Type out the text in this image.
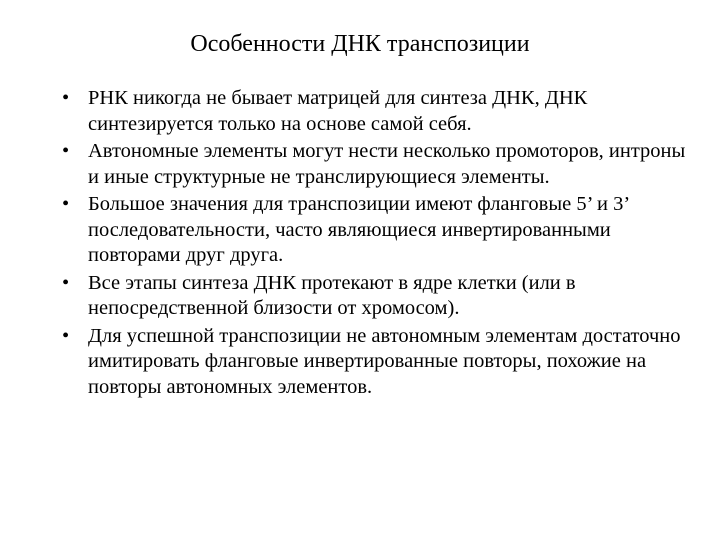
Особенности ДНК транспозиции
• РНК никогда не бывает матрицей для синтеза ДНК, ДНК синтезируется только на основе самой себя.
• Автономные элементы могут нести несколько промоторов, интроны и иные структурные не транслирующиеся элементы.
• Большое значения для транспозиции имеют фланговые 5’ и 3’ последовательности, часто являющиеся инвертированными повторами друг друга.
• Все этапы синтеза ДНК протекают в ядре клетки (или в непосредственной близости от хромосом).
• Для успешной транспозиции не автономным элементам достаточно имитировать фланговые инвертированные повторы, похожие на повторы автономных элементов.
